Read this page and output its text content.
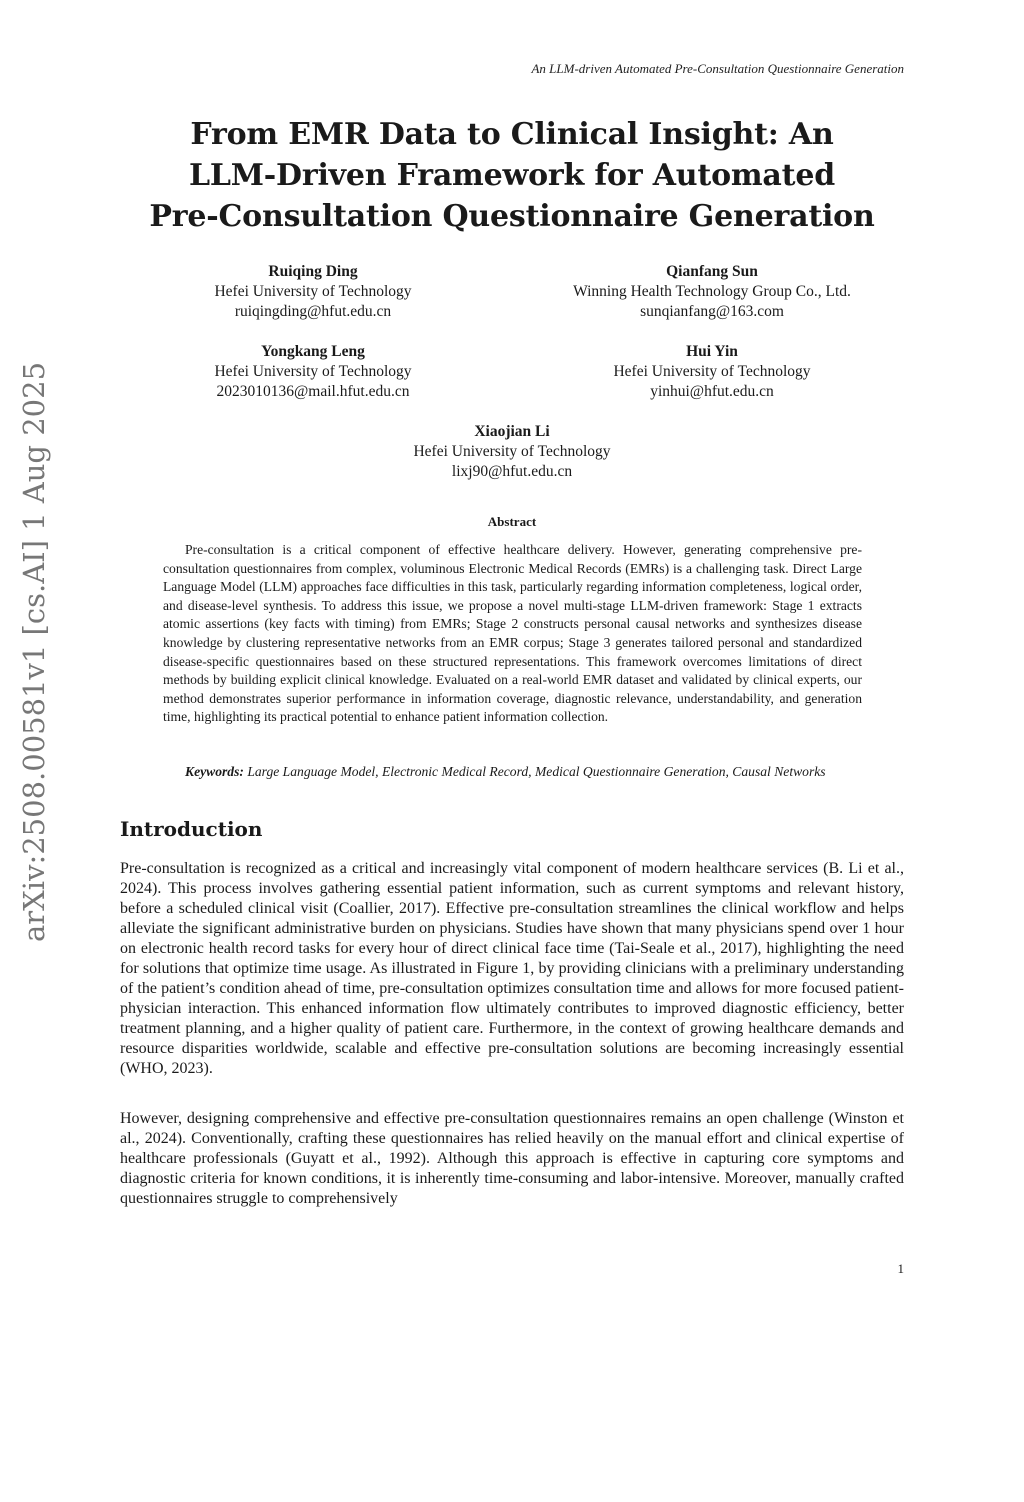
An LLM-driven Automated Pre-Consultation Questionnaire Generation
From EMR Data to Clinical Insight: An
LLM-Driven Framework for Automated
Pre-Consultation Questionnaire Generation
Ruiqing Ding
Hefei University of Technology
ruiqingding@hfut.edu.cn
Qianfang Sun
Winning Health Technology Group Co., Ltd.
sunqianfang@163.com
Yongkang Leng
Hefei University of Technology
2023010136@mail.hfut.edu.cn
Hui Yin
Hefei University of Technology
yinhui@hfut.edu.cn
Xiaojian Li
Hefei University of Technology
lixj90@hfut.edu.cn
Abstract
Pre-consultation is a critical component of effective healthcare delivery. However, generating comprehensive pre-consultation questionnaires from complex, voluminous Electronic Medical Records (EMRs) is a challenging task. Direct Large Language Model (LLM) approaches face difficulties in this task, particularly regarding information completeness, logical order, and disease-level synthesis. To address this issue, we propose a novel multi-stage LLM-driven framework: Stage 1 extracts atomic assertions (key facts with timing) from EMRs; Stage 2 constructs personal causal networks and synthesizes disease knowledge by clustering representative networks from an EMR corpus; Stage 3 generates tailored personal and standardized disease-specific questionnaires based on these structured representations. This framework overcomes limitations of direct methods by building explicit clinical knowledge. Evaluated on a real-world EMR dataset and validated by clinical experts, our method demonstrates superior performance in information coverage, diagnostic relevance, understandability, and generation time, highlighting its practical potential to enhance patient information collection.
Keywords: Large Language Model, Electronic Medical Record, Medical Questionnaire Generation, Causal Networks
Introduction
Pre-consultation is recognized as a critical and increasingly vital component of modern healthcare services (B. Li et al., 2024). This process involves gathering essential patient information, such as current symptoms and relevant history, before a scheduled clinical visit (Coallier, 2017). Effective pre-consultation streamlines the clinical workflow and helps alleviate the significant administrative burden on physicians. Studies have shown that many physicians spend over 1 hour on electronic health record tasks for every hour of direct clinical face time (Tai-Seale et al., 2017), highlighting the need for solutions that optimize time usage. As illustrated in Figure 1, by providing clinicians with a preliminary understanding of the patient’s condition ahead of time, pre-consultation optimizes consultation time and allows for more focused patient-physician interaction. This enhanced information flow ultimately contributes to improved diagnostic efficiency, better treatment planning, and a higher quality of patient care. Furthermore, in the context of growing healthcare demands and resource disparities worldwide, scalable and effective pre-consultation solutions are becoming increasingly essential (WHO, 2023).
However, designing comprehensive and effective pre-consultation questionnaires remains an open challenge (Winston et al., 2024). Conventionally, crafting these questionnaires has relied heavily on the manual effort and clinical expertise of healthcare professionals (Guyatt et al., 1992). Although this approach is effective in capturing core symptoms and diagnostic criteria for known conditions, it is inherently time-consuming and labor-intensive. Moreover, manually crafted questionnaires struggle to comprehensively
arXiv:2508.00581v1 [cs.AI] 1 Aug 2025
1
